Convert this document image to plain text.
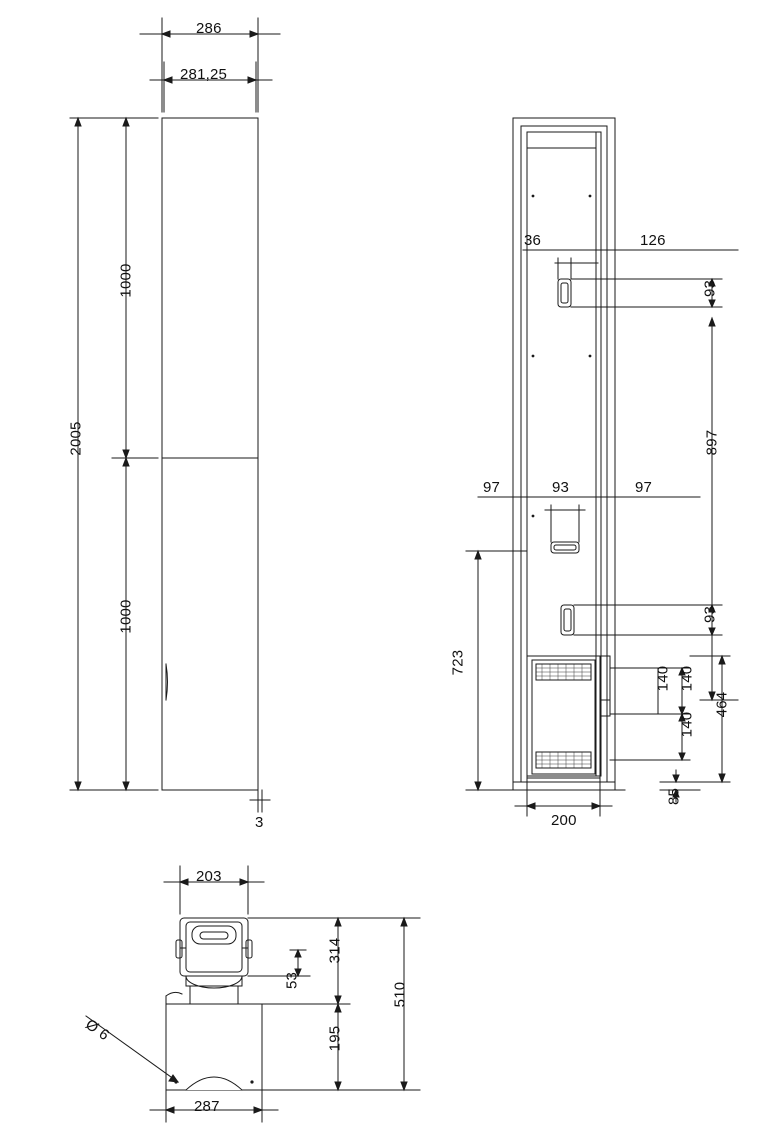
286
281,25
2005
1000
1000
3
36	126
93
897
97	93	97
93
723
200
140 140
140
464
85
203
287
53
314
195
510
Ø 6
